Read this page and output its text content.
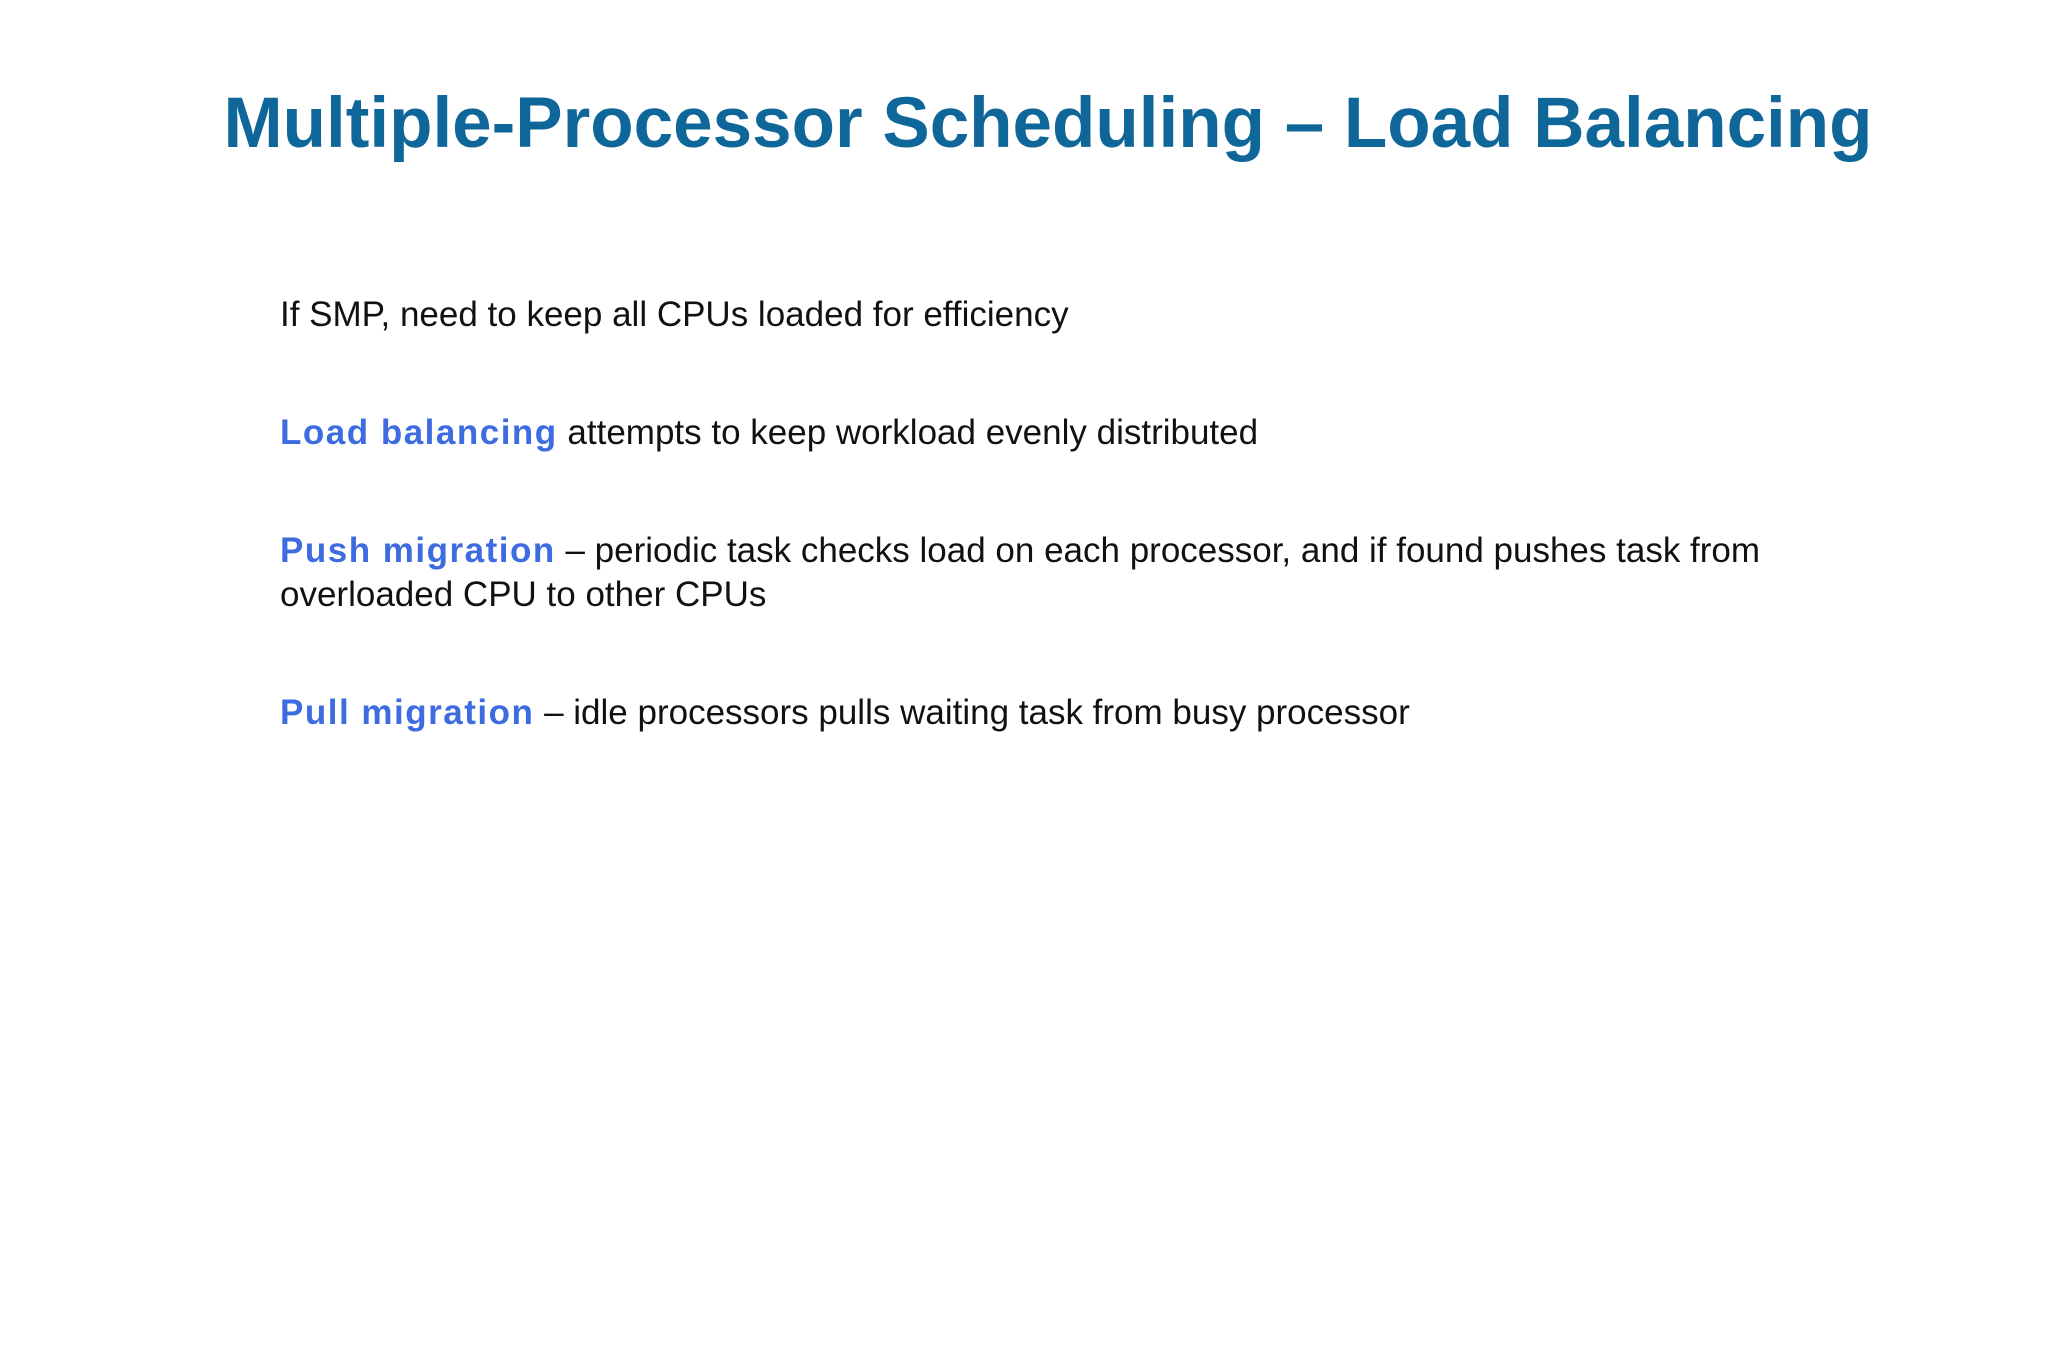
Multiple-Processor Scheduling – Load Balancing

If SMP, need to keep all CPUs loaded for efficiency

Load balancing attempts to keep workload evenly distributed

Push migration – periodic task checks load on each processor, and if found pushes task from overloaded CPU to other CPUs

Pull migration – idle processors pulls waiting task from busy processor
